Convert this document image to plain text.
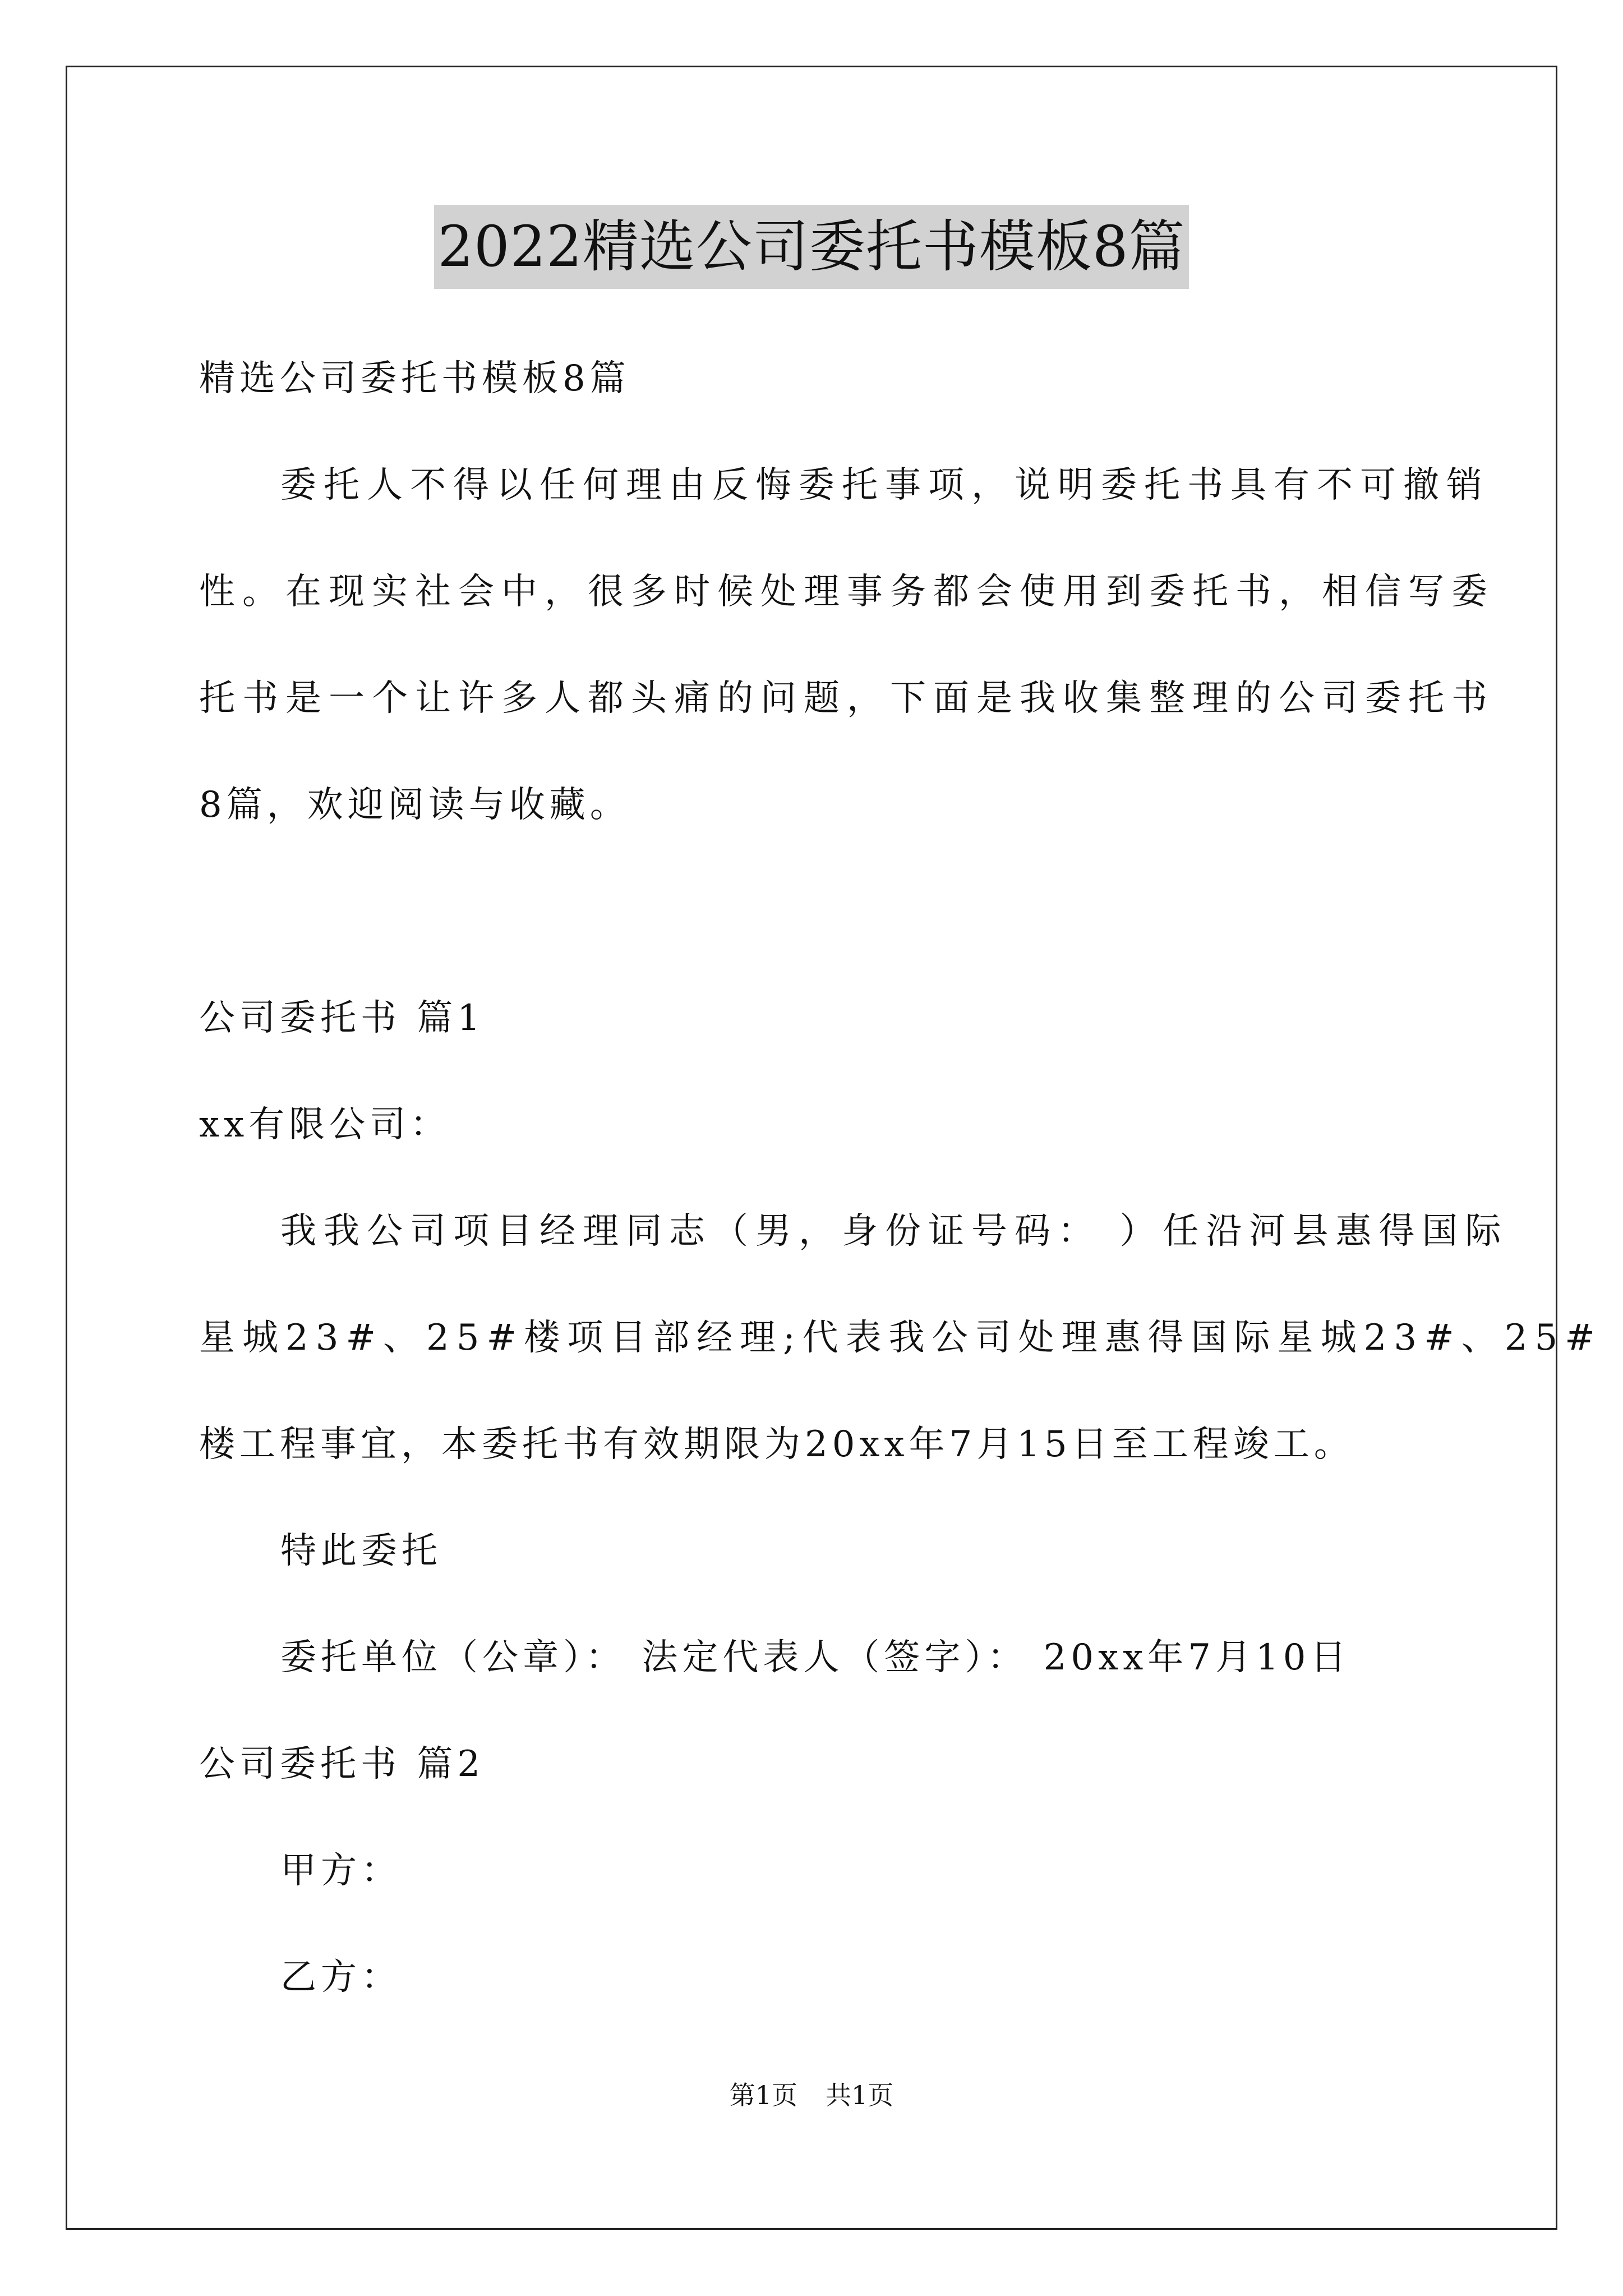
2022精选公司委托书模板8篇
精选公司委托书模板8篇
委托人不得以任何理由反悔委托事项，说明委托书具有不可撤销
性。在现实社会中，很多时候处理事务都会使用到委托书，相信写委
托书是一个让许多人都头痛的问题，下面是我收集整理的公司委托书
8篇，欢迎阅读与收藏。
公司委托书 篇1
xx有限公司：
我我公司项目经理同志（男，身份证号码： ）任沿河县惠得国际
星城23#、25#楼项目部经理;代表我公司处理惠得国际星城23#、25#
楼工程事宜，本委托书有效期限为20xx年7月15日至工程竣工。
特此委托
委托单位（公章）： 法定代表人（签字）： 20xx年7月10日
公司委托书 篇2
甲方：
乙方：
第1页 共1页
